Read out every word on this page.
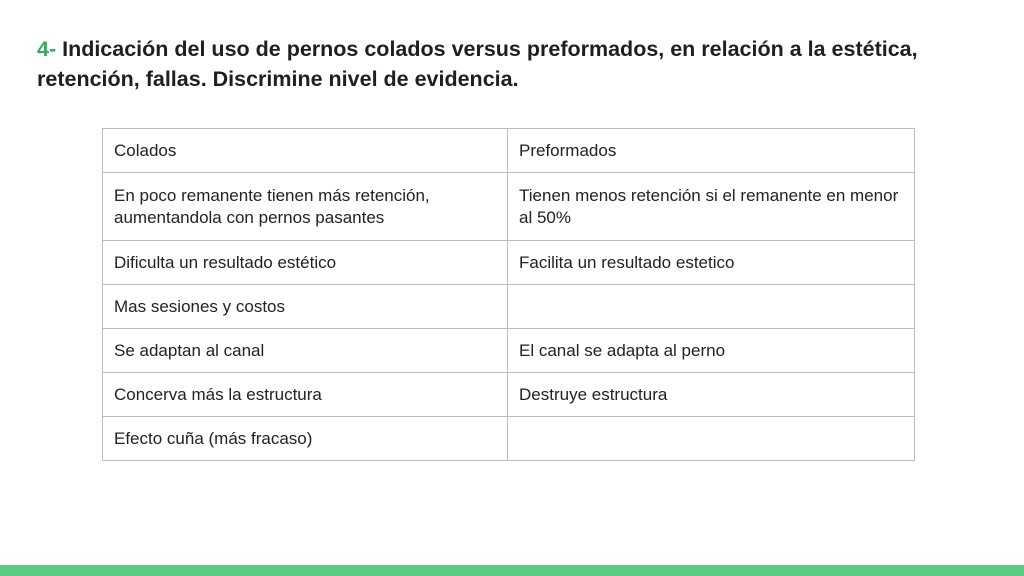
4- Indicación del uso de pernos colados versus preformados, en relación a la estética, retención, fallas. Discrimine nivel de evidencia.
Colados	Preformados
En poco remanente tienen más retención, aumentandola con pernos pasantes	Tienen menos retención si el remanente en menor al 50%
Dificulta un resultado estético	Facilita un resultado estetico
Mas sesiones y costos	
Se adaptan al canal	El canal se adapta al perno
Concerva más la estructura	Destruye estructura
Efecto cuña (más fracaso)	
